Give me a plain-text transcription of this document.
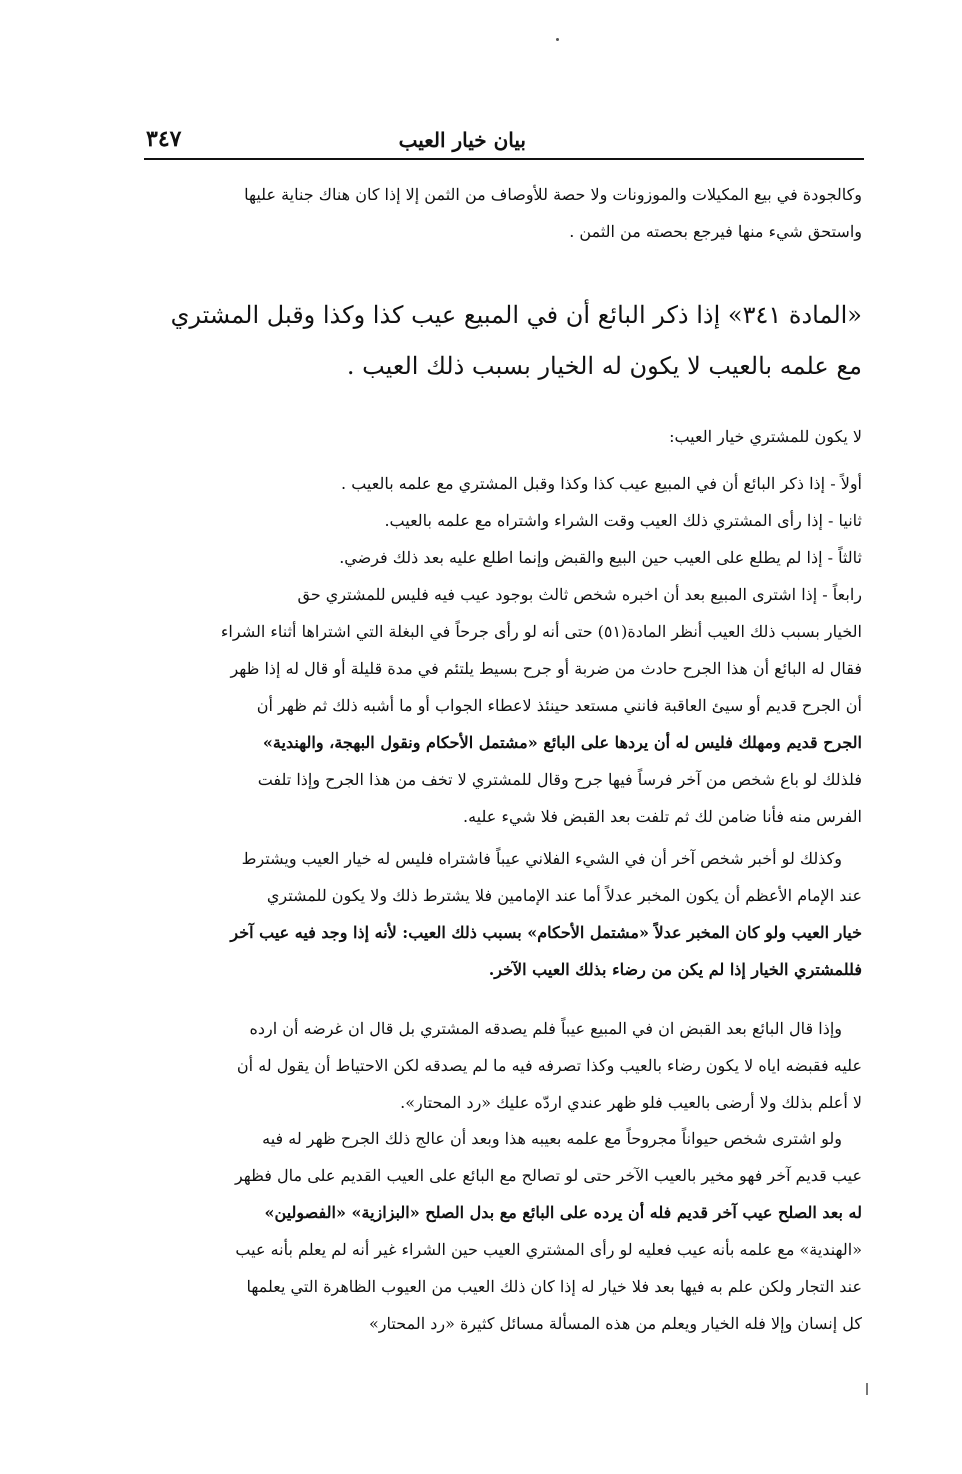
بيان خيار العيب
٣٤٧

وكالجودة في بيع المكيلات والموزونات ولا حصة للأوصاف من الثمن إلا إذا كان هناك جناية عليها

واستحق شيء منها فيرجع بحصته من الثمن .

«المادة ٣٤١» إذا ذكر البائع أن في المبيع عيب كذا وكذا وقبل المشتري

مع علمه بالعيب لا يكون له الخيار بسبب ذلك العيب .

لا يكون للمشتري خيار العيب:

أولاً - إذا ذكر البائع أن في المبيع عيب كذا وكذا وقبل المشتري مع علمه بالعيب .

ثانيا - إذا رأى المشتري ذلك العيب وقت الشراء واشتراه مع علمه بالعيب.

ثالثاً - إذا لم يطلع على العيب حين البيع والقبض وإنما اطلع عليه بعد ذلك فرضي.

رابعاً - إذا اشترى المبيع بعد أن اخبره شخص ثالث بوجود عيب فيه فليس للمشتري حق

الخيار بسبب ذلك العيب أنظر المادة(٥١) حتى أنه لو رأى جرحاً في البغلة التي اشتراها أثناء الشراء

فقال له البائع أن هذا الجرح حادث من ضربة أو جرح بسيط يلتئم في مدة قليلة أو قال له إذا ظهر

أن الجرح قديم أو سيئ العاقبة فانني مستعد حينئذ لاعطاء الجواب أو ما أشبه ذلك ثم ظهر أن

الجرح قديم ومهلك فليس له أن يردها على البائع «مشتمل الأحكام ونقول البهجة، والهندية»

فلذلك لو باع شخص من آخر فرساً فيها جرح وقال للمشتري لا تخف من هذا الجرح وإذا تلفت

الفرس منه فأنا ضامن لك ثم تلفت بعد القبض فلا شيء عليه.

وكذلك لو أخبر شخص آخر أن في الشيء الفلاني عيباً فاشتراه فليس له خيار العيب ويشترط

عند الإمام الأعظم أن يكون المخبر عدلاً أما عند الإمامين فلا يشترط ذلك ولا يكون للمشتري

خيار العيب ولو كان المخبر عدلاً «مشتمل الأحكام» بسبب ذلك العيب: لأنه إذا وجد فيه عيب آخر

فللمشتري الخيار إذا لم يكن من رضاء بذلك العيب الآخر.

وإذا قال البائع بعد القبض ان في المبيع عيباً فلم يصدقه المشتري بل قال ان غرضه أن ارده

عليه فقبضه اياه لا يكون رضاء بالعيب وكذا تصرفه فيه ما لم يصدقه لكن الاحتياط أن يقول له أن

لا أعلم بذلك ولا أرضى بالعيب فلو ظهر عندي اردّه عليك «رد المحتار».

ولو اشترى شخص حيواناً مجروحاً مع علمه بعيبه هذا وبعد أن عالج ذلك الجرح ظهر له فيه

عيب قديم آخر فهو مخير بالعيب الآخر حتى لو تصالح مع البائع على العيب القديم على مال فظهر

له بعد الصلح عيب آخر قديم فله أن يرده على البائع مع بدل الصلح «البزازية» «الفصولين»

«الهندية» مع علمه بأنه عيب فعليه لو رأى المشتري العيب حين الشراء غير أنه لم يعلم بأنه عيب

عند التجار ولكن علم به فيها بعد فلا خيار له إذا كان ذلك العيب من العيوب الظاهرة التي يعلمها

كل إنسان وإلا فله الخيار ويعلم من هذه المسألة مسائل كثيرة «رد المحتار»
